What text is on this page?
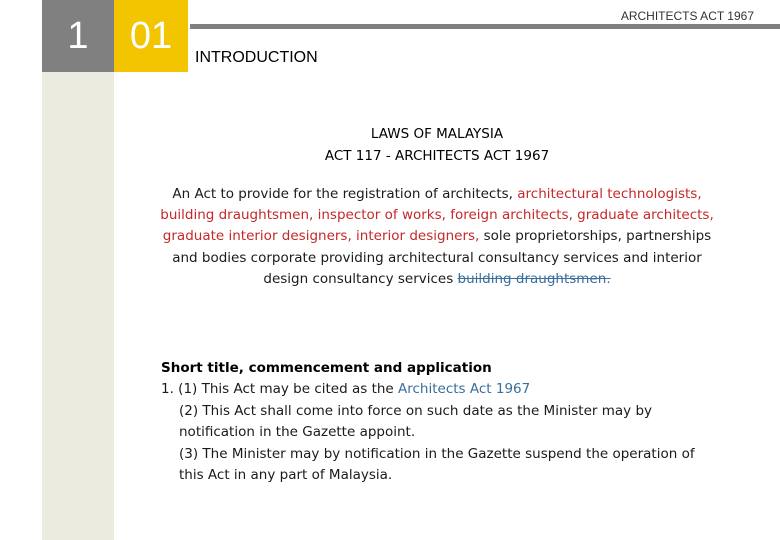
1	01	ARCHITECTS ACT 1967
INTRODUCTION
LAWS OF MALAYSIA
ACT 117 - ARCHITECTS ACT 1967
An Act to provide for the registration of architects, architectural technologists, building draughtsmen, inspector of works, foreign architects, graduate architects, graduate interior designers, interior designers, sole proprietorships, partnerships and bodies corporate providing architectural consultancy services and interior design consultancy services building draughtsmen.
Short title, commencement and application
1. (1) This Act may be cited as the Architects Act 1967
(2) This Act shall come into force on such date as the Minister may by notification in the Gazette appoint.
(3) The Minister may by notification in the Gazette suspend the operation of this Act in any part of Malaysia.
